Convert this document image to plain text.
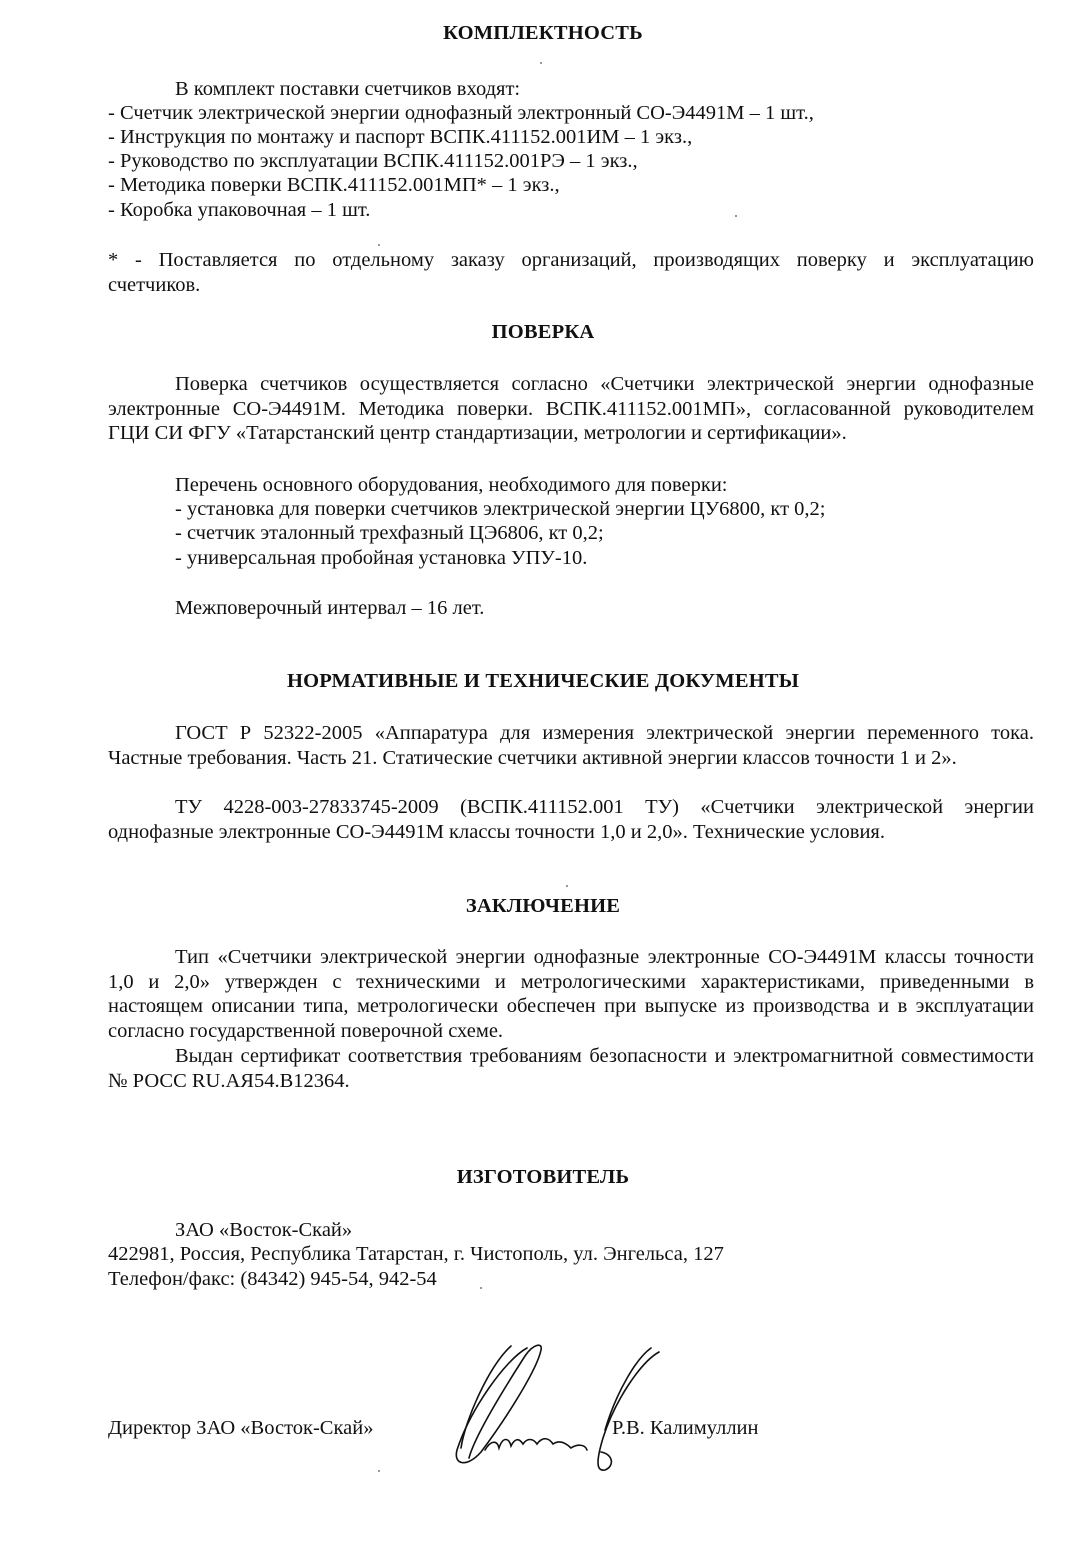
КОМПЛЕКТНОСТЬ
В комплект поставки счетчиков входят:
- Счетчик электрической энергии однофазный электронный СО-Э4491М – 1 шт.,
- Инструкция по монтажу и паспорт ВСПК.411152.001ИМ – 1 экз.,
- Руководство по эксплуатации ВСПК.411152.001РЭ – 1 экз.,
- Методика поверки ВСПК.411152.001МП* – 1 экз.,
- Коробка упаковочная – 1 шт.
* - Поставляется по отдельному заказу организаций, производящих поверку и эксплуатацию
счетчиков.
ПОВЕРКА
Поверка счетчиков осуществляется согласно «Счетчики электрической энергии однофазные электронные СО-Э4491М. Методика поверки. ВСПК.411152.001МП», согласованной руководителем ГЦИ СИ ФГУ «Татарстанский центр стандартизации, метрологии и сертификации».
Перечень основного оборудования, необходимого для поверки:
- установка для поверки счетчиков электрической энергии ЦУ6800, кт 0,2;
- счетчик эталонный трехфазный ЦЭ6806, кт 0,2;
- универсальная пробойная установка УПУ-10.
Межповерочный интервал – 16 лет.
НОРМАТИВНЫЕ И ТЕХНИЧЕСКИЕ ДОКУМЕНТЫ
ГОСТ Р 52322-2005 «Аппаратура для измерения электрической энергии переменного тока. Частные требования. Часть 21. Статические счетчики активной энергии классов точности 1 и 2».
ТУ 4228-003-27833745-2009 (ВСПК.411152.001 ТУ) «Счетчики электрической энергии однофазные электронные СО-Э4491М классы точности 1,0 и 2,0». Технические условия.
ЗАКЛЮЧЕНИЕ
Тип «Счетчики электрической энергии однофазные электронные СО-Э4491М классы точности 1,0 и 2,0» утвержден с техническими и метрологическими характеристиками, приведенными в настоящем описании типа, метрологически обеспечен при выпуске из производства и в эксплуатации согласно государственной поверочной схеме.
Выдан сертификат соответствия требованиям безопасности и электромагнитной совместимости № РОСС RU.АЯ54.В12364.
ИЗГОТОВИТЕЛЬ
ЗАО «Восток-Скай»
422981, Россия, Республика Татарстан, г. Чистополь, ул. Энгельса, 127
Телефон/факс: (84342) 945-54, 942-54
Директор ЗАО «Восток-Скай»	Р.В. Калимуллин
